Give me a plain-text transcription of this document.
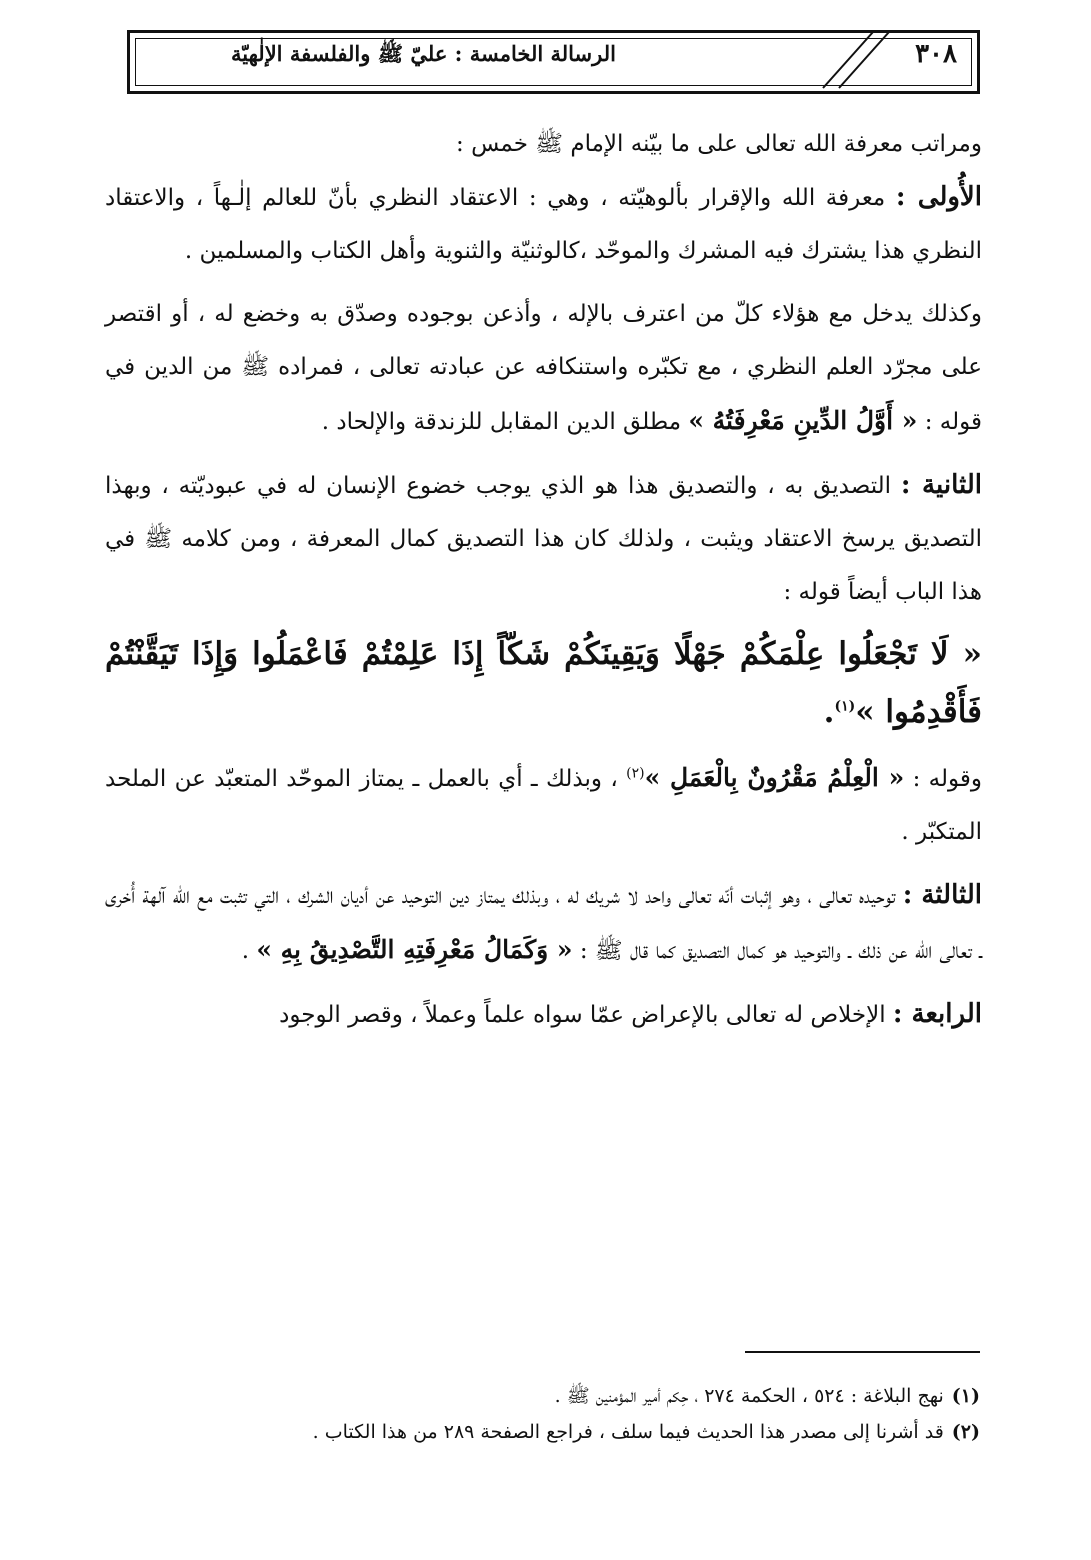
٣٠٨
الرسالة الخامسة : عليّ ﷺ والفلسفة الإلٰهيّة

ومراتب معرفة الله تعالى على ما بيّنه الإمام ﷺ خمس :

الأُولى : معرفة الله والإقرار بألوهيّته ، وهي : الاعتقاد النظري بأنّ للعالم إلٰـهاً ، والاعتقاد النظري هذا يشترك فيه المشرك والموحّد ،كالوثنيّة والثنوية وأهل الكتاب والمسلمين .

وكذلك يدخل مع هؤلاء كلّ من اعترف بالإله ، وأذعن بوجوده وصدّق به وخضع له ، أو اقتصر على مجرّد العلم النظري ، مع تكبّره واستنكافه عن عبادته تعالى ، فمراده ﷺ من الدين في قوله : « أَوَّلُ الدِّينِ مَعْرِفَتُهُ » مطلق الدين المقابل للزندقة والإلحاد .

الثانية : التصديق به ، والتصديق هذا هو الذي يوجب خضوع الإنسان له في عبوديّته ، وبهذا التصديق يرسخ الاعتقاد ويثبت ، ولذلك كان هذا التصديق كمال المعرفة ، ومن كلامه ﷺ في هذا الباب أيضاً قوله :

« لَا تَجْعَلُوا عِلْمَكُمْ جَهْلًا وَيَقِينَكُمْ شَكّاً إِذَا عَلِمْتُمْ فَاعْمَلُوا وَإِذَا تَيَقَّنْتُمْ فَأَقْدِمُوا »$^{(١)}$.

وقوله : « الْعِلْمُ مَقْرُونٌ بِالْعَمَلِ »$^{(٢)}$ ، وبذلك ـ أي بالعمل ـ يمتاز الموحّد المتعبّد عن الملحد المتكبّر .

الثالثة : توحيده تعالى ، وهو إثبات أنّه تعالى واحد لا شريك له ، وبذلك يمتاز دين التوحيد عن أديان الشرك ، التي تثبت مع الله آلهة أُخرى ـ تعالى الله عن ذلك ـ والتوحيد هو كمال التصديق كما قال ﷺ : « وَكَمَالُ مَعْرِفَتِهِ التَّصْدِيقُ بِهِ » .

الرابعة : الإخلاص له تعالى بالإعراض عمّا سواه علماً وعملاً ، وقصر الوجود

(١)نهج البلاغة : ٥٢٤ ، الحكمة ٢٧٤ ، حِكم أمير المؤمنين ﷺ .

(٢)قد أشرنا إلى مصدر هذا الحديث فيما سلف ، فراجع الصفحة ٢٨٩ من هذا الكتاب .
